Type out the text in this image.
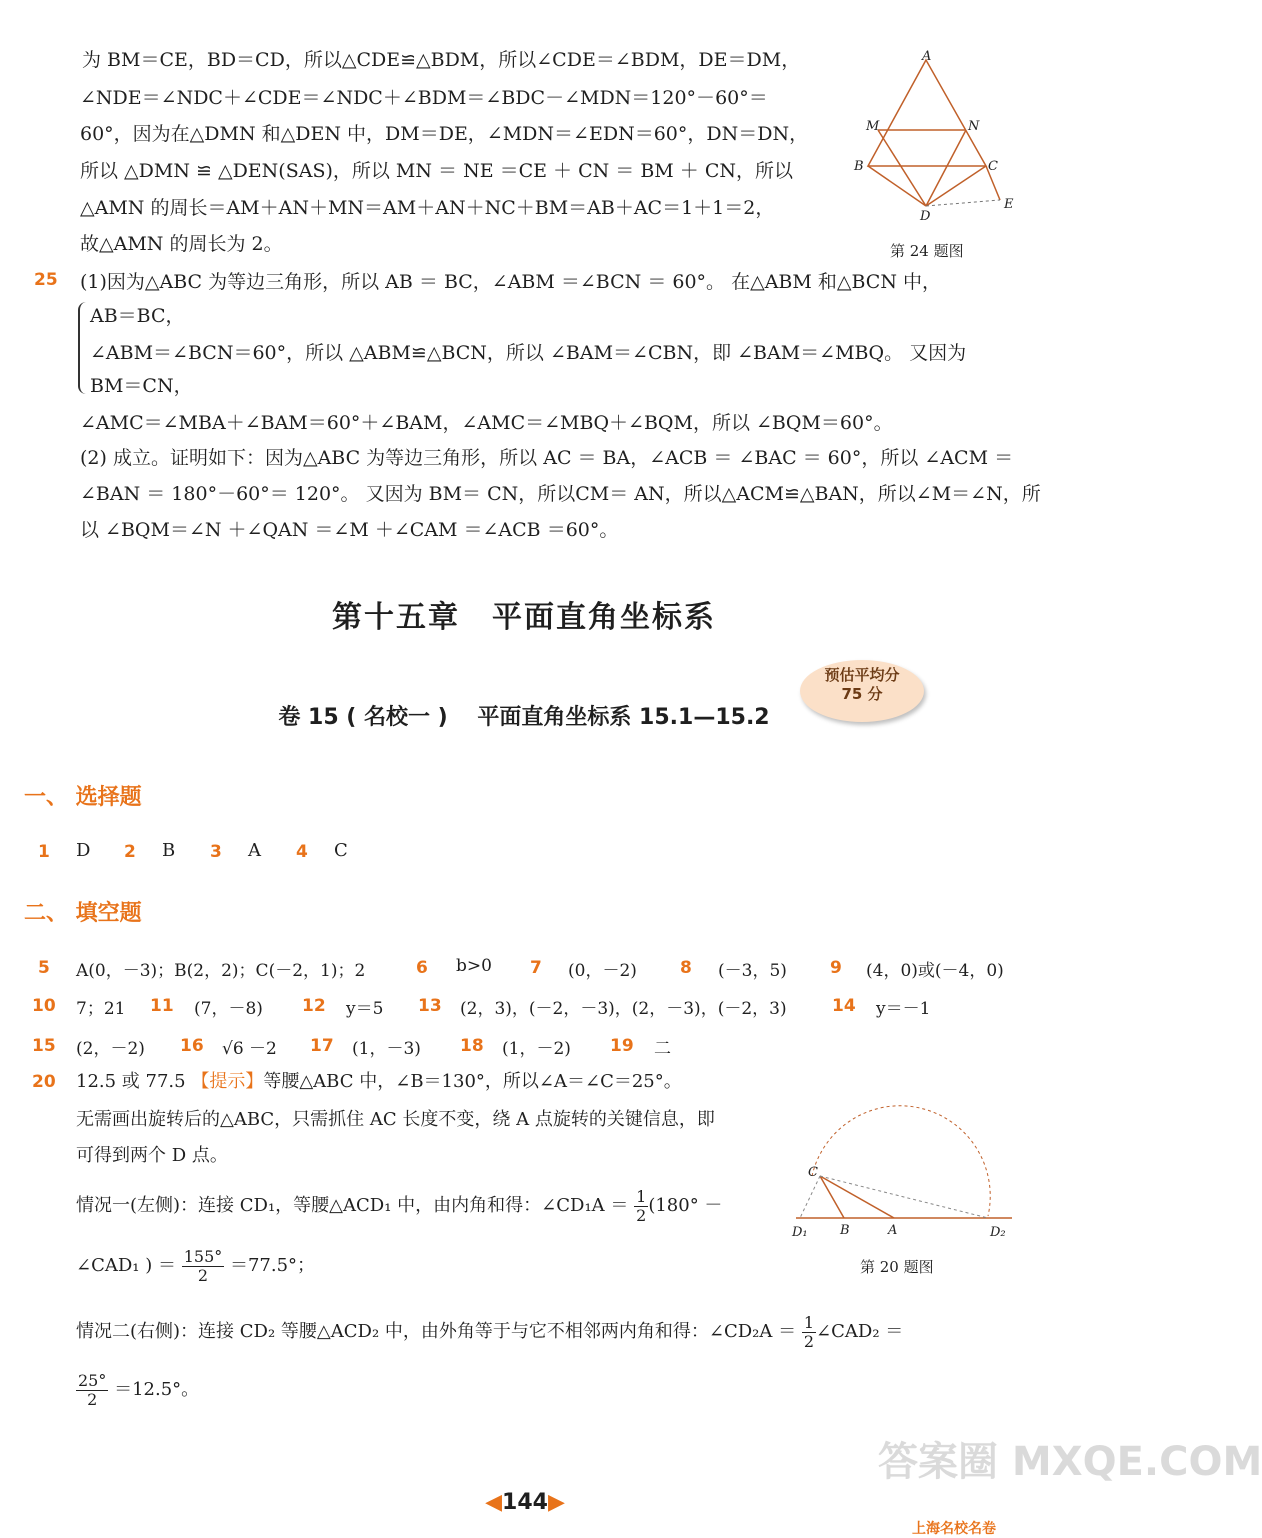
为 BM＝CE，BD＝CD，所以△CDE≌△BDM，所以∠CDE＝∠BDM，DE＝DM，
∠NDE＝∠NDC＋∠CDE＝∠NDC＋∠BDM＝∠BDC－∠MDN＝120°－60°＝
60°，因为在△DMN 和△DEN 中，DM＝DE，∠MDN＝∠EDN＝60°，DN＝DN，
所以 △DMN ≌ △DEN(SAS)，所以 MN ＝ NE ＝CE ＋ CN ＝ BM ＋ CN，所以
△AMN 的周长＝AM＋AN＋MN＝AM＋AN＋NC＋BM＝AB＋AC＝1＋1＝2，
故△AMN 的周长为 2。
A
M	N
B	C
D
E
第 24 题图
25 (1)因为△ABC 为等边三角形，所以 AB ＝ BC，∠ABM ＝∠BCN ＝ 60°。 在△ABM 和△BCN 中，
AB＝BC，
∠ABM＝∠BCN＝60°，所以 △ABM≌△BCN，所以 ∠BAM＝∠CBN，即 ∠BAM＝∠MBQ。 又因为
BM＝CN，
∠AMC＝∠MBA＋∠BAM＝60°＋∠BAM，∠AMC＝∠MBQ＋∠BQM，所以 ∠BQM＝60°。
(2) 成立。证明如下：因为△ABC 为等边三角形，所以 AC ＝ BA，∠ACB ＝ ∠BAC ＝ 60°，所以 ∠ACM ＝
∠BAN ＝ 180°－60°＝ 120°。 又因为 BM＝ CN，所以CM＝ AN，所以△ACM≌△BAN，所以∠M＝∠N，所
以 ∠BQM＝∠N ＋∠QAN ＝∠M ＋∠CAM ＝∠ACB ＝60°。
第十五章　平面直角坐标系
卷 15 ( 名校一 )　 平面直角坐标系 15.1—15.2
预估平均分
75 分
一、 选择题
1 D 2 B 3 A 4 C
二、 填空题
5 A(0，－3)；B(2，2)；C(－2，1)；2	6 b>0 7 (0，－2)	8 (－3，5)	9 (4，0)或(－4，0)
10 7；21 11 (7，－8) 12 y＝5 13 (2，3)，(－2，－3)，(2，－3)，(－2，3)	14 y＝－1
15 (2，－2) 16 √6 －2 17 (1，－3) 18 (1，－2) 19 二
20 12.5 或 77.5 【提示】等腰△ABC 中，∠B＝130°，所以∠A＝∠C＝25°。
无需画出旋转后的△ABC，只需抓住 AC 长度不变，绕 A 点旋转的关键信息，即
可得到两个 D 点。
情况一(左侧)：连接 CD₁，等腰△ACD₁ 中，由内角和得：∠CD₁A ＝ $\frac{1}{2} (180^\circ$ －
∠CAD₁ ) ＝ $\frac{155^\circ}{2} =77.5^\circ$；
C
D₁ B	A	D₂
第 20 题图
情况二(右侧)：连接 CD₂ 等腰△ACD₂ 中，由外角等于与它不相邻两内角和得：∠CD₂A ＝ $\frac{1}{2}$ ∠CAD₂ ＝
$\frac{25^\circ}{2} =12.5^\circ$。
答案圈 MXQE.COM
◀144▶
上海名校名卷
